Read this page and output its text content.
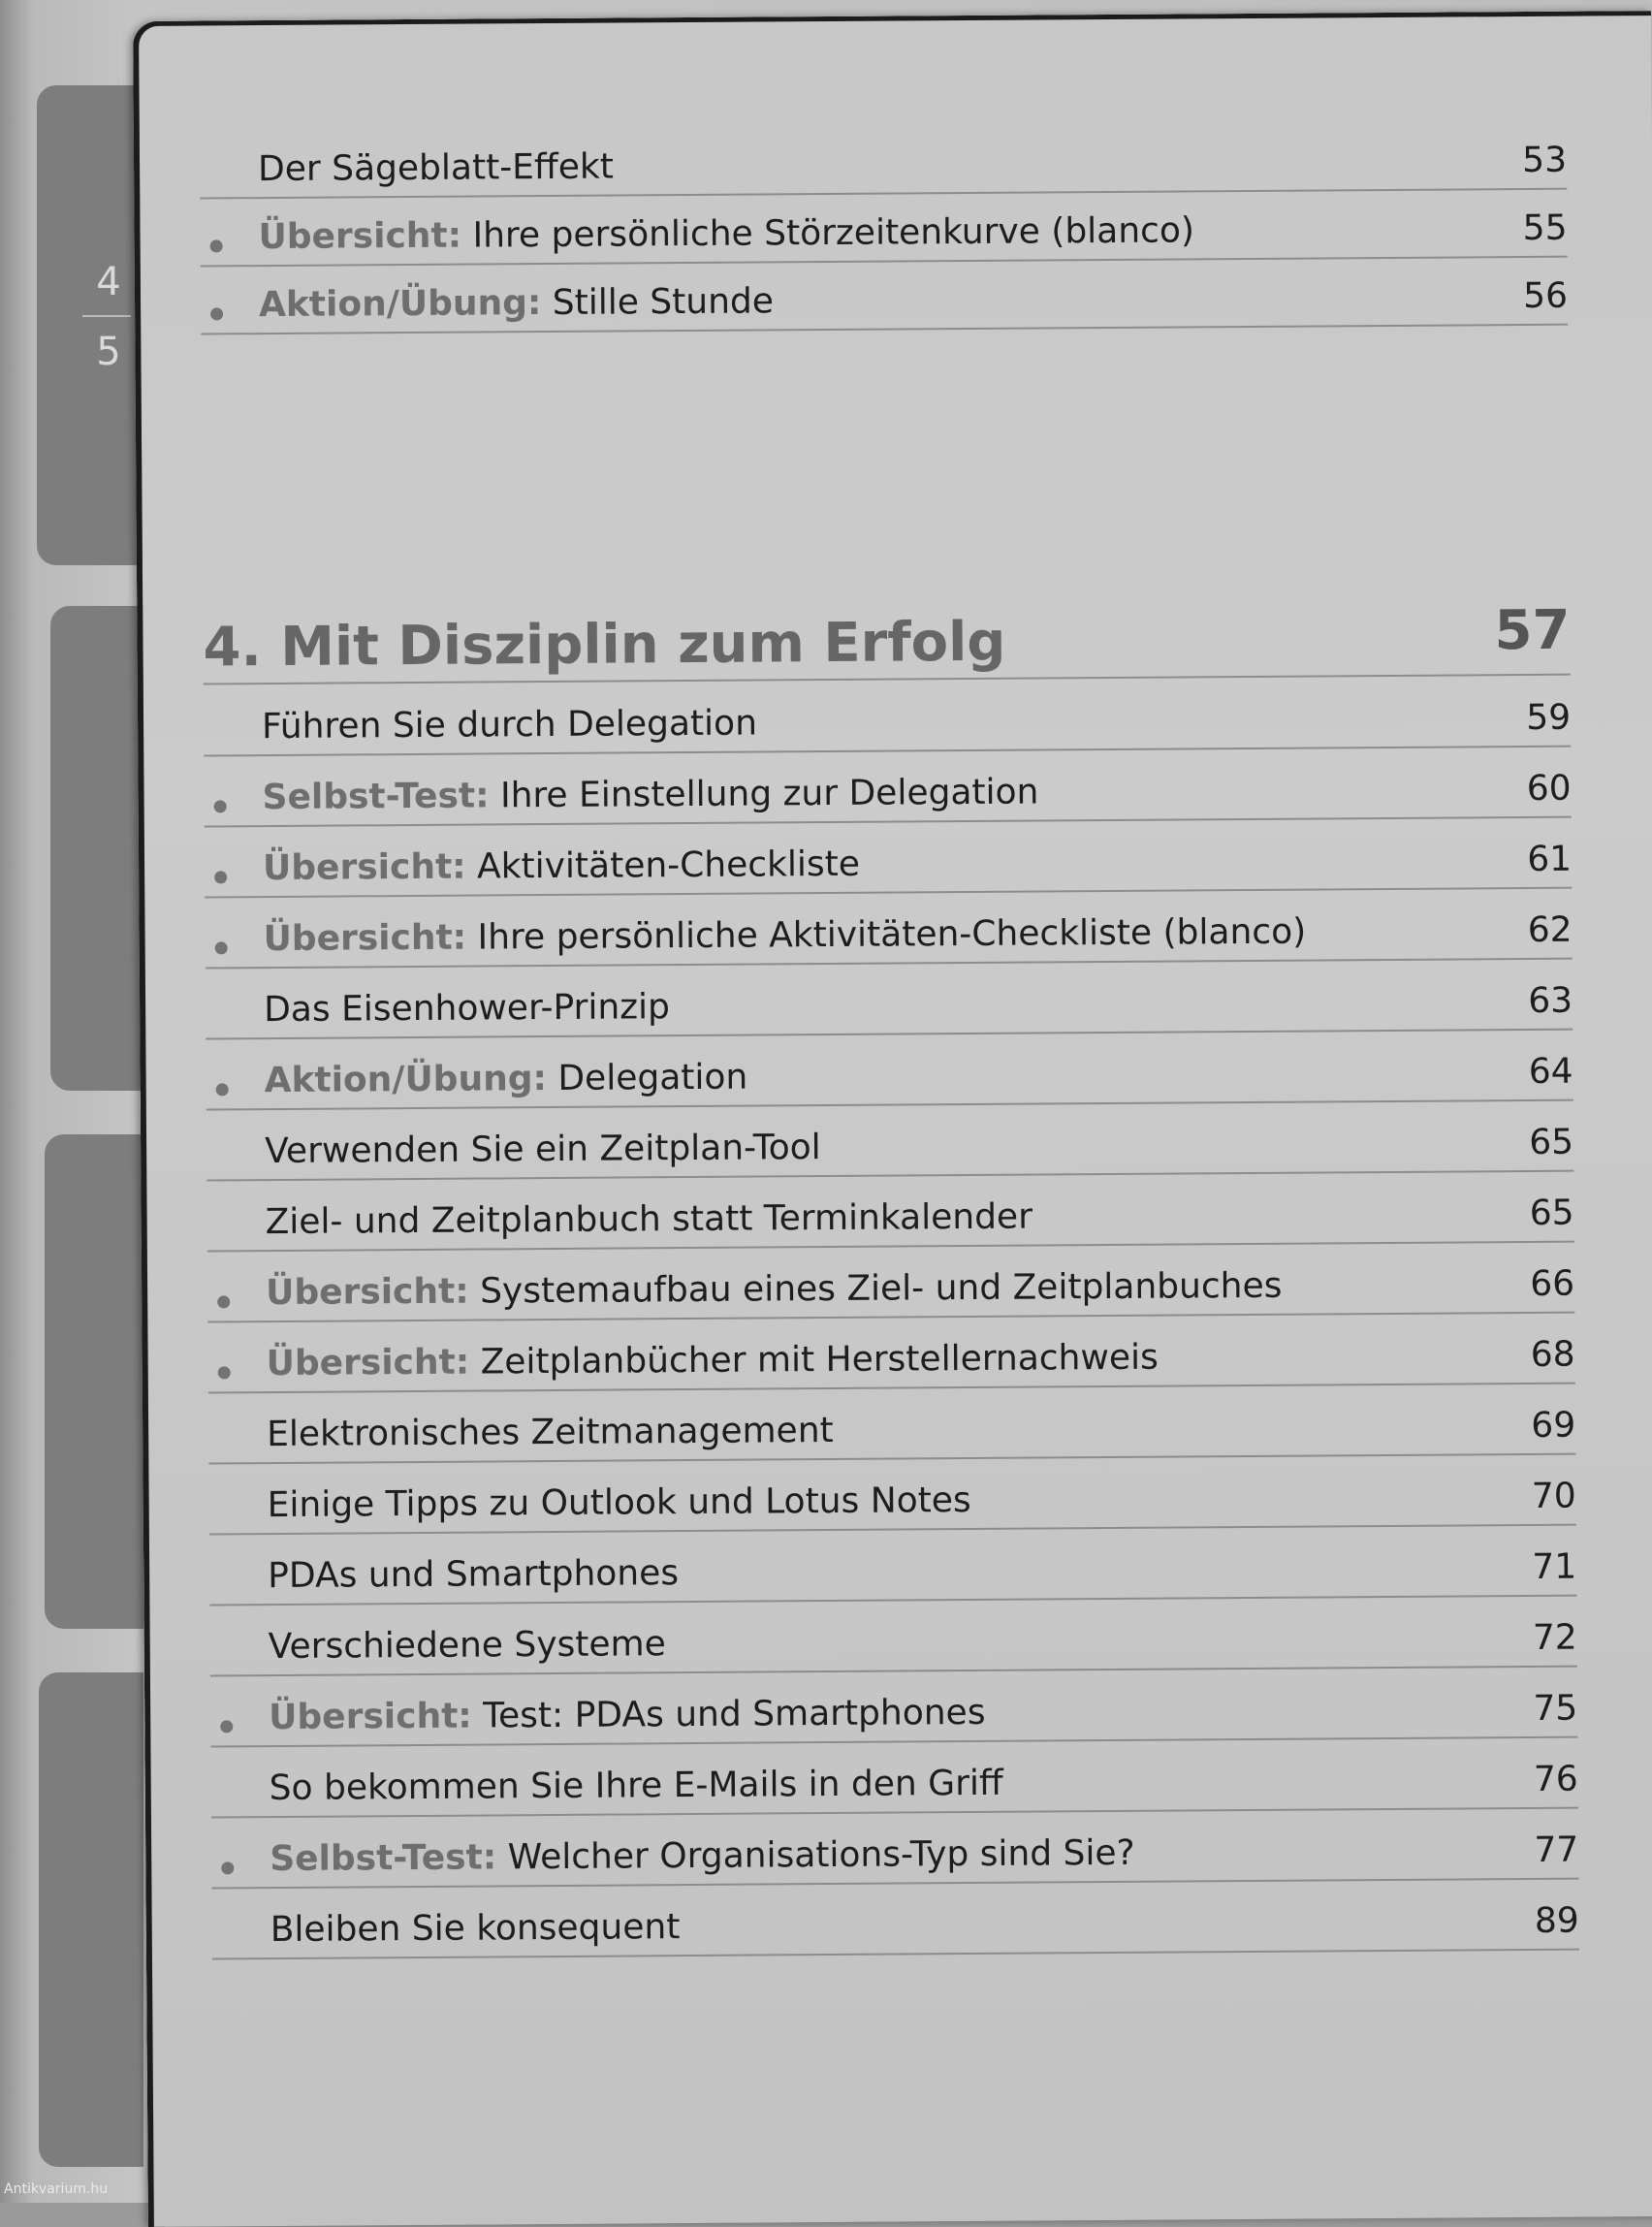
4
5
Antikvarium.hu
Der Sägeblatt-Effekt	53
Übersicht: Ihre persönliche Störzeitenkurve (blanco)	55
Aktion/Übung: Stille Stunde	56
4. Mit Disziplin zum Erfolg	57
Führen Sie durch Delegation	59
Selbst-Test: Ihre Einstellung zur Delegation	60
Übersicht: Aktivitäten-Checkliste	61
Übersicht: Ihre persönliche Aktivitäten-Checkliste (blanco)	62
Das Eisenhower-Prinzip	63
Aktion/Übung: Delegation	64
Verwenden Sie ein Zeitplan-Tool	65
Ziel- und Zeitplanbuch statt Terminkalender	65
Übersicht: Systemaufbau eines Ziel- und Zeitplanbuches	66
Übersicht: Zeitplanbücher mit Herstellernachweis	68
Elektronisches Zeitmanagement	69
Einige Tipps zu Outlook und Lotus Notes	70
PDAs und Smartphones	71
Verschiedene Systeme	72
Übersicht: Test: PDAs und Smartphones	75
So bekommen Sie Ihre E-Mails in den Griff	76
Selbst-Test: Welcher Organisations-Typ sind Sie?	77
Bleiben Sie konsequent	89
